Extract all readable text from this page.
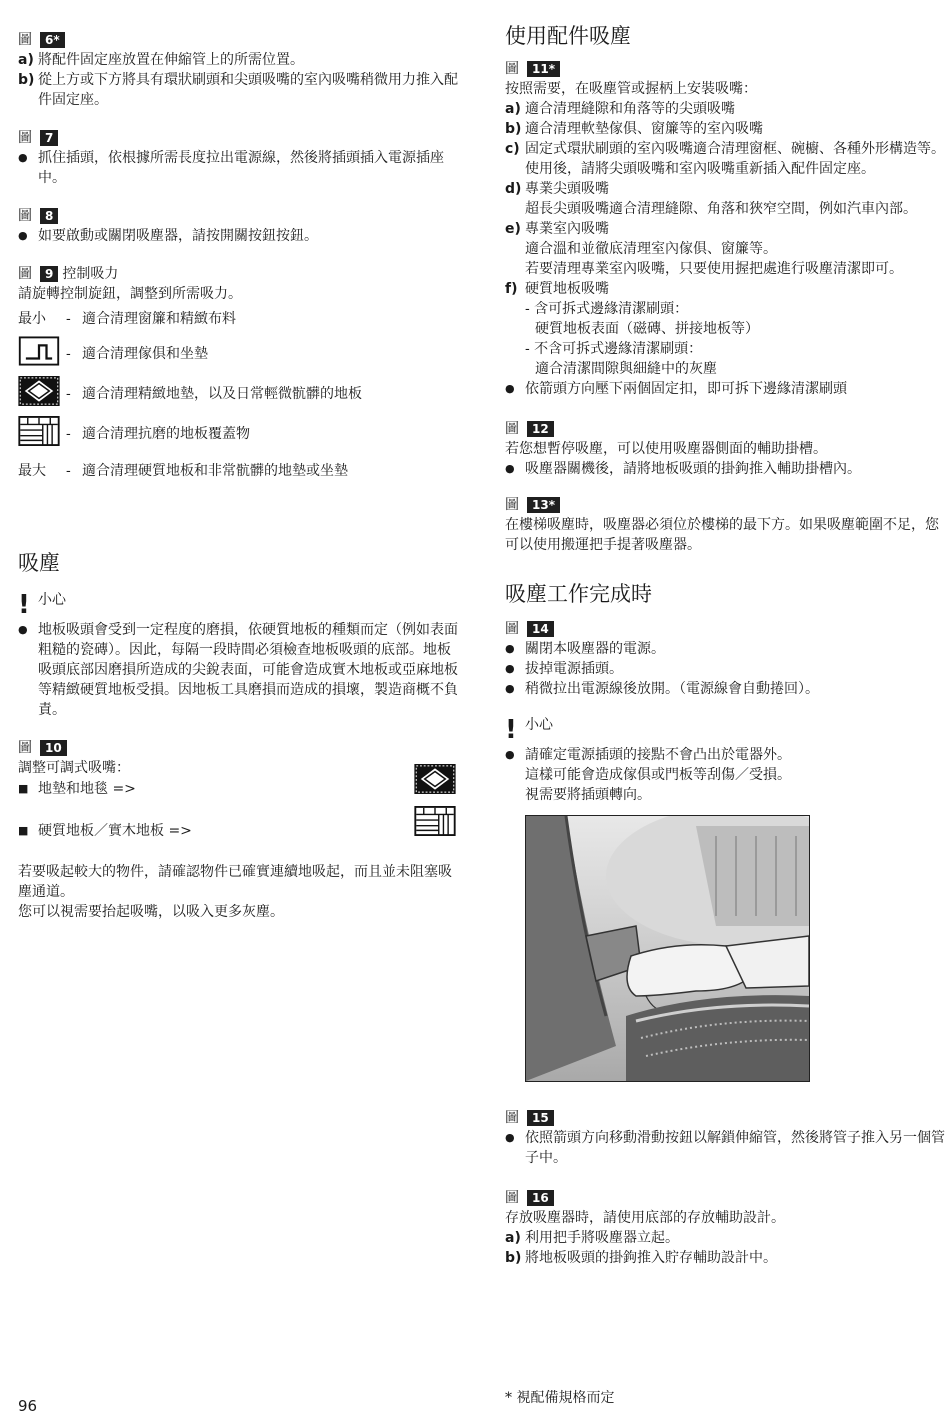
圖	6*
a) 將配件固定座放置在伸縮管上的所需位置。
b) 從上方或下方將具有環狀刷頭和尖頭吸嘴的室內吸嘴稍微用力推入配件固定座。
圖	7
● 抓住插頭，依根據所需長度拉出電源線，然後將插頭插入電源插座中。
圖	8
● 如要啟動或關閉吸塵器，請按開關按鈕按鈕。
圖	9 控制吸力

請旋轉控制旋鈕，調整到所需吸力。

最小	- 適合清理窗簾和精緻布料
- 適合清理傢俱和坐墊
- 適合清理精緻地墊，以及日常輕微骯髒的地板
- 適合清理抗磨的地板覆蓋物
最大	- 適合清理硬質地板和非常骯髒的地墊或坐墊
吸塵
! 小心
● 地板吸頭會受到一定程度的磨損，依硬質地板的種類而定（例如表面粗糙的瓷磚）。因此，每隔一段時間必須檢查地板吸頭的底部。地板吸頭底部因磨損所造成的尖銳表面，可能會造成實木地板或亞麻地板等精緻硬質地板受損。因地板工具磨損而造成的損壞，製造商概不負責。
圖	10

調整可調式吸嘴：

■ 地墊和地毯 =>
■ 硬質地板／實木地板 =>

若要吸起較大的物件，請確認物件已確實連續地吸起，而且並未阻塞吸塵通道。

您可以視需要抬起吸嘴，以吸入更多灰塵。

使用配件吸塵
圖	11*

按照需要，在吸塵管或握柄上安裝吸嘴：

a) 適合清理縫隙和角落等的尖頭吸嘴
b) 適合清理軟墊傢俱、窗簾等的室內吸嘴
c) 固定式環狀刷頭的室內吸嘴適合清理窗框、碗櫥、各種外形構造等。

使用後，請將尖頭吸嘴和室內吸嘴重新插入配件固定座。

d) 專業尖頭吸嘴

超長尖頭吸嘴適合清理縫隙、角落和狹窄空間，例如汽車內部。

e) 專業室內吸嘴

適合溫和並徹底清理室內傢俱、窗簾等。

若要清理專業室內吸嘴，只要使用握把處進行吸塵清潔即可。

f) 硬質地板吸嘴

- 含可拆式邊緣清潔刷頭：

硬質地板表面（磁磚、拼接地板等）

- 不含可拆式邊緣清潔刷頭：

適合清潔間隙與細縫中的灰塵

● 依箭頭方向壓下兩個固定扣，即可拆下邊緣清潔刷頭
圖	12

若您想暫停吸塵，可以使用吸塵器側面的輔助掛槽。

● 吸塵器關機後，請將地板吸頭的掛鉤推入輔助掛槽內。
圖	13*

在樓梯吸塵時，吸塵器必須位於樓梯的最下方。如果吸塵範圍不足，您可以使用搬運把手提著吸塵器。

吸塵工作完成時
圖	14
● 關閉本吸塵器的電源。
● 拔掉電源插頭。
● 稍微拉出電源線後放開。（電源線會自動捲回）。
! 小心
● 請確定電源插頭的接點不會凸出於電器外。

這樣可能會造成傢俱或門板等刮傷／受損。

視需要將插頭轉向。

圖	15
● 依照箭頭方向移動滑動按鈕以解鎖伸縮管，然後將管子推入另一個管子中。
圖	16

存放吸塵器時，請使用底部的存放輔助設計。

a) 利用把手將吸塵器立起。
b) 將地板吸頭的掛鉤推入貯存輔助設計中。
96	* 視配備規格而定
